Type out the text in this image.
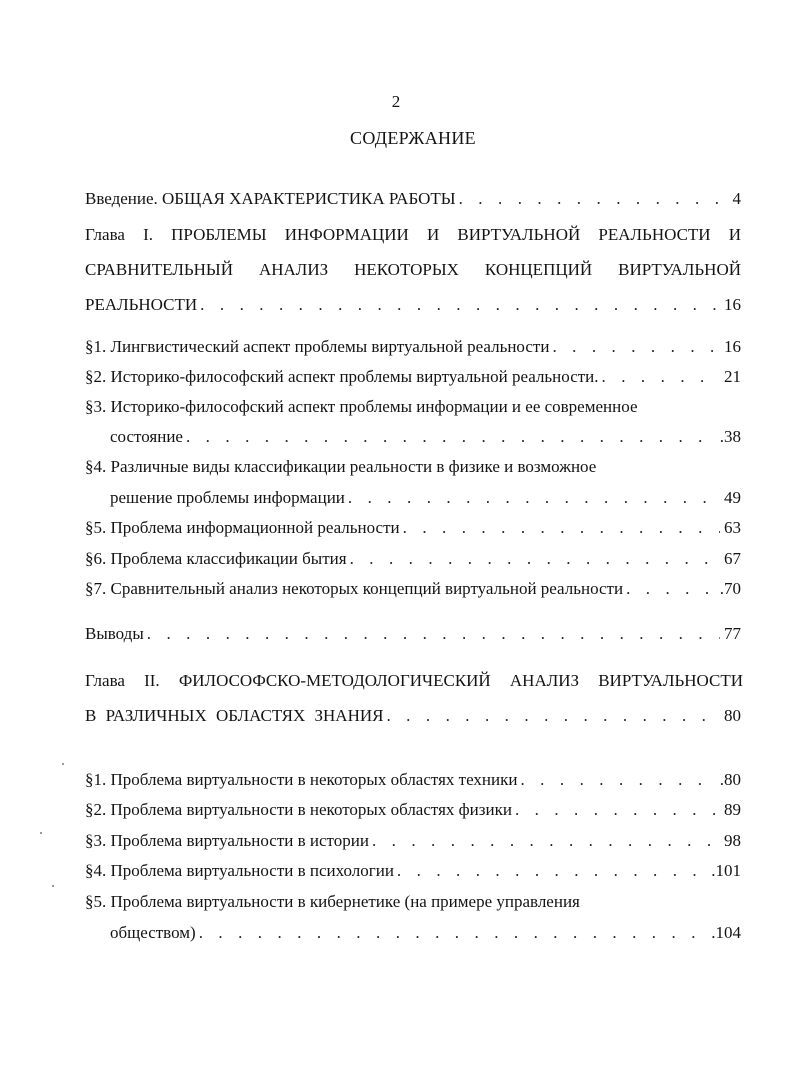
2
СОДЕРЖАНИЕ
Введение. ОБЩАЯ ХАРАКТЕРИСТИКА РАБОТЫ . . .	4
Глава I. ПРОБЛЕМЫ ИНФОРМАЦИИ И ВИРТУАЛЬНОЙ РЕАЛЬНОСТИ И
СРАВНИТЕЛЬНЫЙ АНАЛИЗ НЕКОТОРЫХ КОНЦЕПЦИЙ ВИРТУАЛЬНОЙ
РЕАЛЬНОСТИ . . .	16
§1. Лингвистический аспект проблемы виртуальной реальности . . .	16
§2. Историко-философский аспект проблемы виртуальной реальности. . . .	21
§3. Историко-философский аспект проблемы информации и ее современное
состояние . . .	.38
§4. Различные виды классификации реальности в физике и возможное
решение проблемы информации . . .	49
§5. Проблема информационной реальности . . .	63
§6. Проблема классификации бытия . . .	67
§7. Сравнительный анализ некоторых концепций виртуальной реальности . . .	.70
Выводы . . .	77
Глава II. ФИЛОСОФСКО-МЕТОДОЛОГИЧЕСКИЙ АНАЛИЗ ВИРТУАЛЬНОСТИ
В РАЗЛИЧНЫХ ОБЛАСТЯХ ЗНАНИЯ . . .	80
§1. Проблема виртуальности в некоторых областях техники . . .	.80
§2. Проблема виртуальности в некоторых областях физики . . .	89
§3. Проблема виртуальности в истории . . .	98
§4. Проблема виртуальности в психологии . . .	.101
§5. Проблема виртуальности в кибернетике (на примере управления
обществом) . . .	.104
